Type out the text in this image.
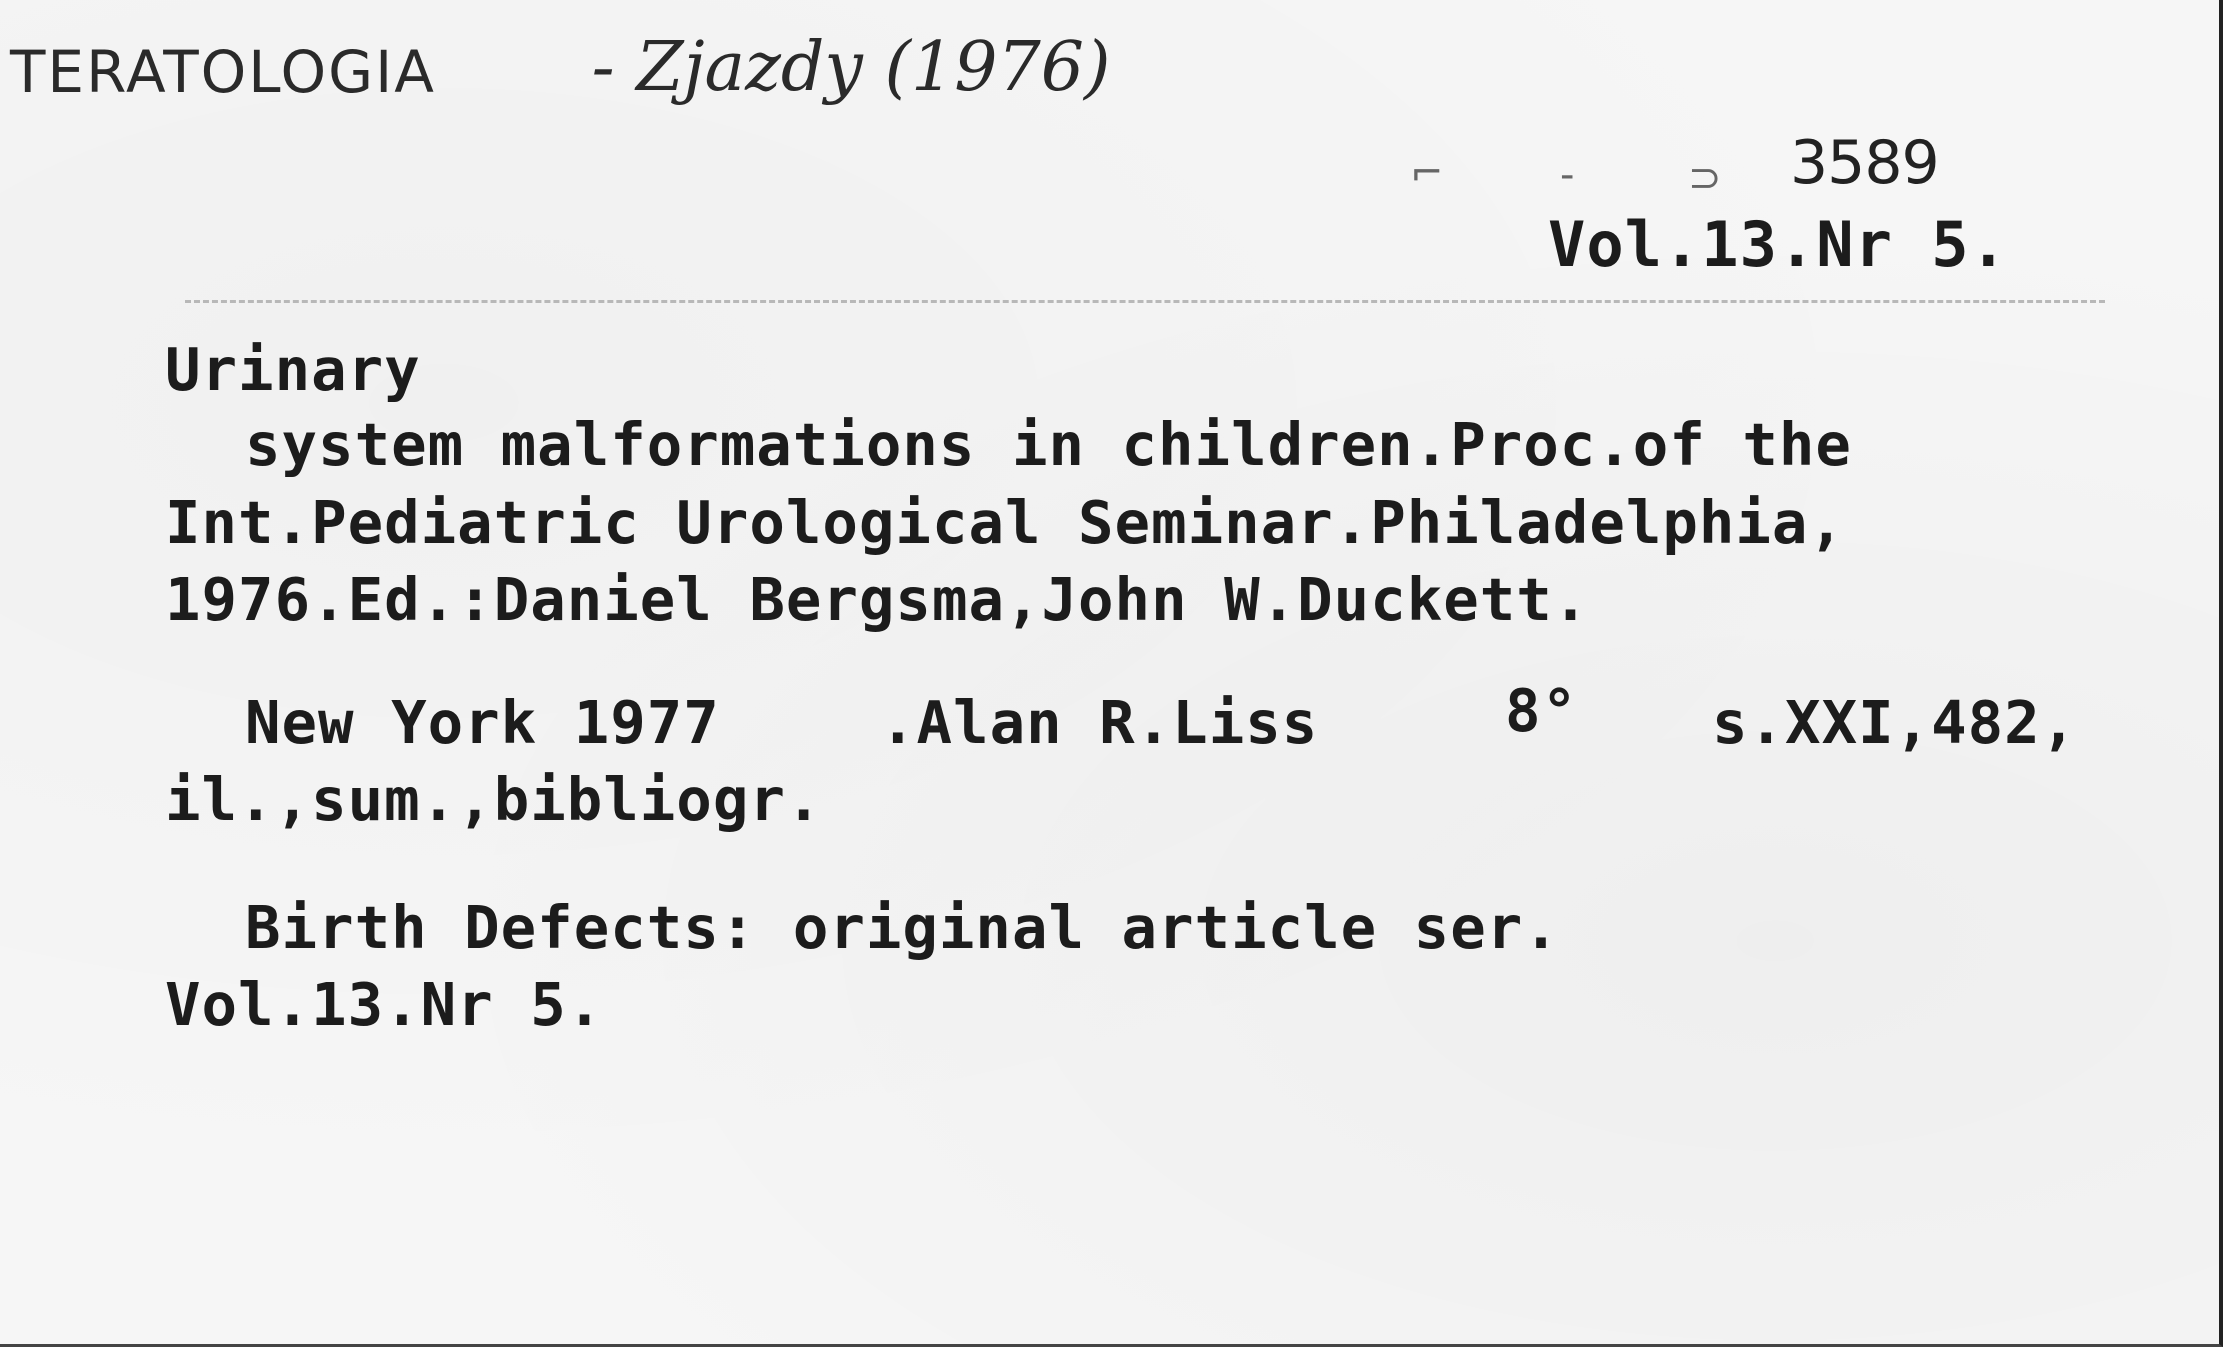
TERATOLOGIA - Zjazdy (1976)
⌐	-	⊃ 3589
Vol.13.Nr 5.
Urinary
system malformations in children.Proc.of the
Int.Pediatric Urological Seminar.Philadelphia,
1976.Ed.:Daniel Bergsma,John W.Duckett.
New York 1977	.Alan R.Liss	8° s.XXI,482,
il.,sum.,bibliogr.
Birth Defects: original article ser.
Vol.13.Nr 5.
